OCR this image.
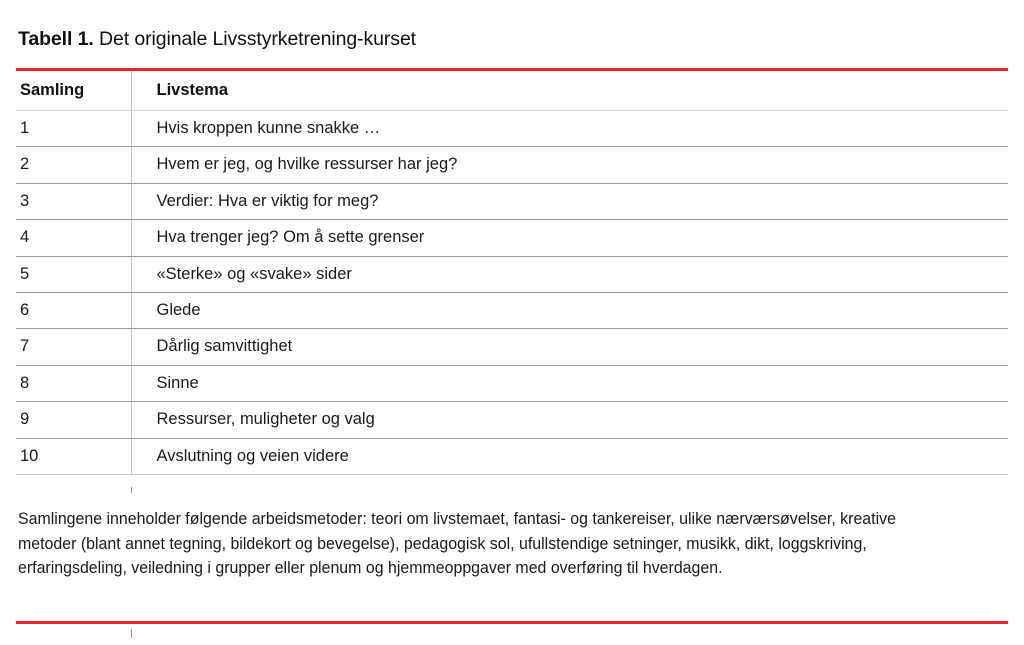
Tabell 1. Det originale Livsstyrketrening-kurset
Samling	Livstema
1	Hvis kroppen kunne snakke …
2	Hvem er jeg, og hvilke ressurser har jeg?
3	Verdier: Hva er viktig for meg?
4	Hva trenger jeg? Om å sette grenser
5	«Sterke» og «svake» sider
6	Glede
7	Dårlig samvittighet
8	Sinne
9	Ressurser, muligheter og valg
10	Avslutning og veien videre
Samlingene inneholder følgende arbeidsmetoder: teori om livstemaet, fantasi- og tankereiser, ulike nærværsøvelser, kreative metoder (blant annet tegning, bildekort og bevegelse), pedagogisk sol, ufullstendige setninger, musikk, dikt, loggskriving, erfaringsdeling, veiledning i grupper eller plenum og hjemmeoppgaver med overføring til hverdagen.
